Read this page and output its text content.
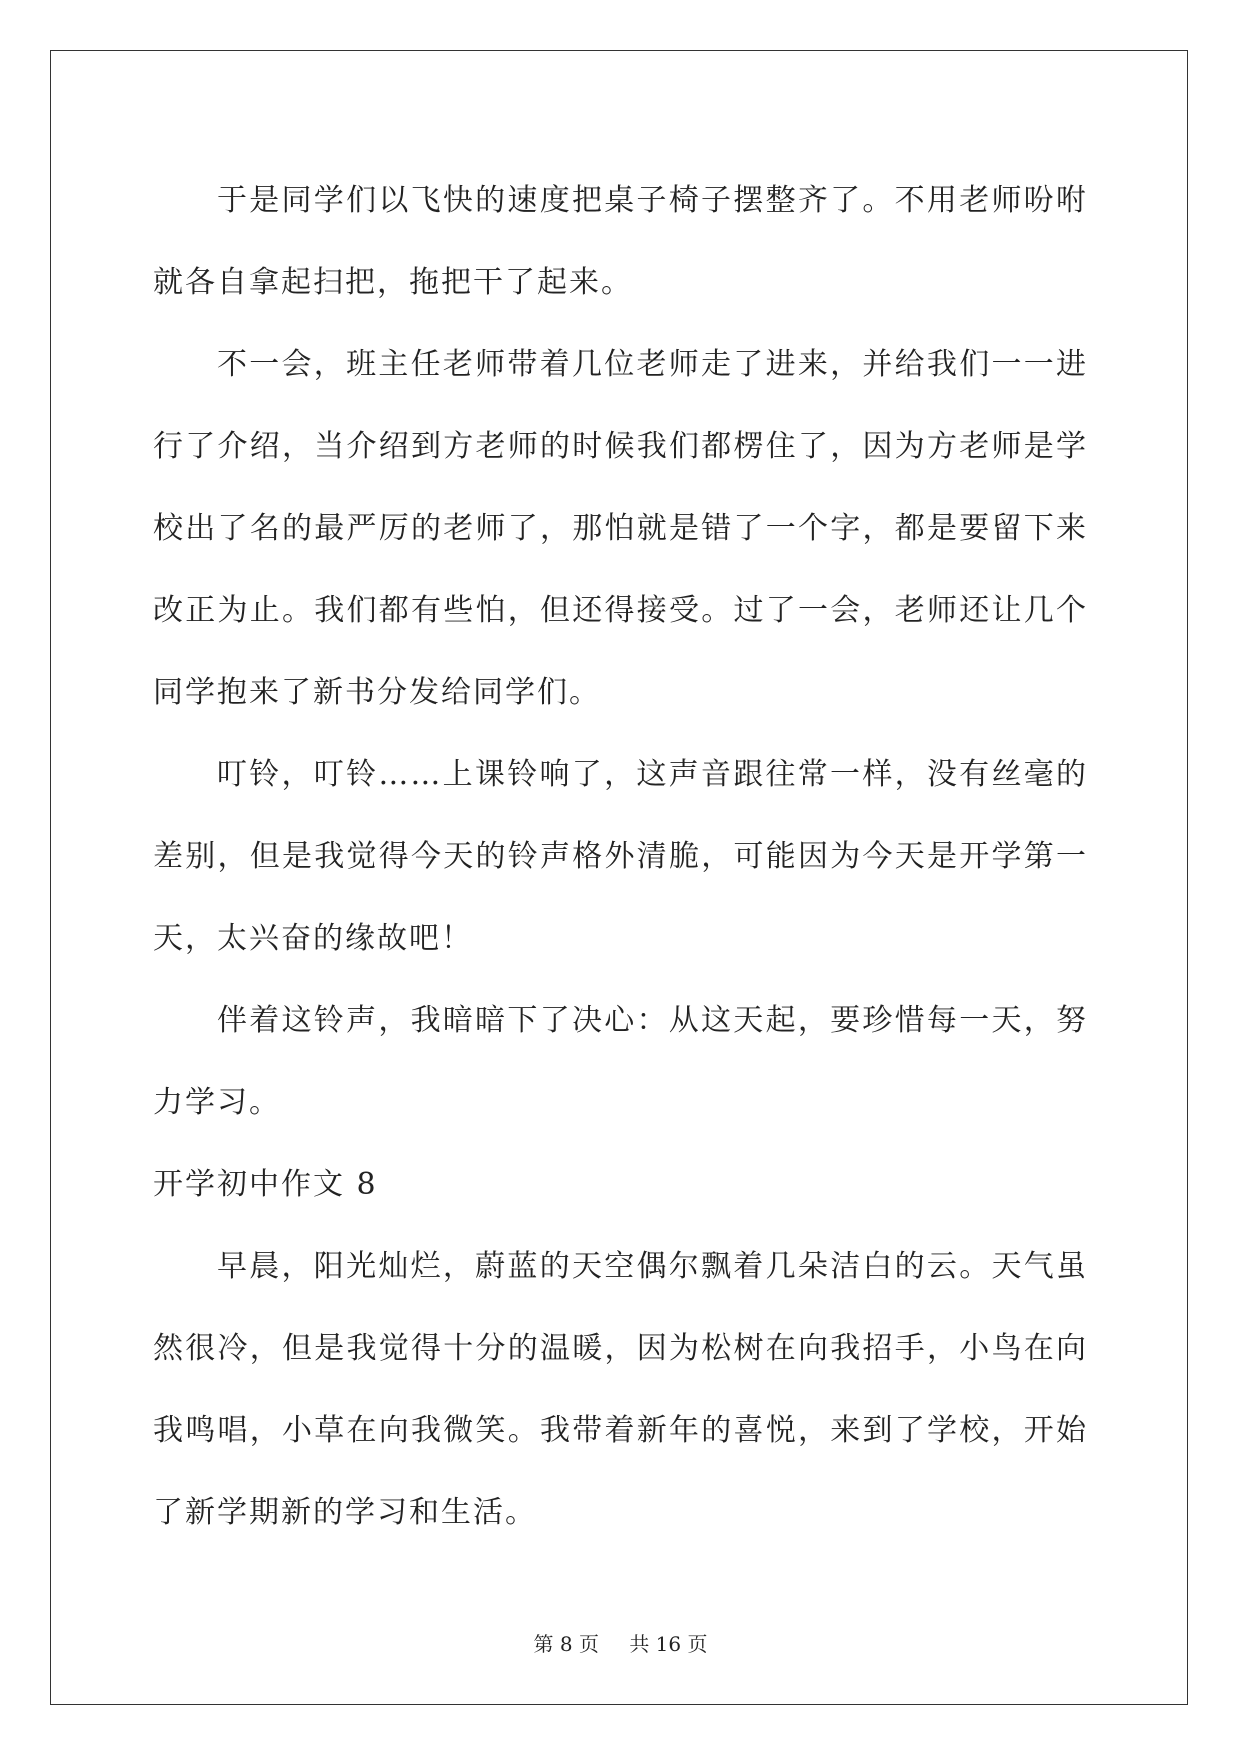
于是同学们以飞快的速度把桌子椅子摆整齐了。不用老师吩咐就各自拿起扫把，拖把干了起来。

不一会，班主任老师带着几位老师走了进来，并给我们一一进行了介绍，当介绍到方老师的时候我们都楞住了，因为方老师是学校出了名的最严厉的老师了，那怕就是错了一个字，都是要留下来改正为止。我们都有些怕，但还得接受。过了一会，老师还让几个同学抱来了新书分发给同学们。

叮铃，叮铃……上课铃响了，这声音跟往常一样，没有丝毫的差别，但是我觉得今天的铃声格外清脆，可能因为今天是开学第一天，太兴奋的缘故吧！

伴着这铃声，我暗暗下了决心：从这天起，要珍惜每一天，努力学习。

开学初中作文 8

早晨，阳光灿烂，蔚蓝的天空偶尔飘着几朵洁白的云。天气虽然很冷，但是我觉得十分的温暖，因为松树在向我招手，小鸟在向我鸣唱，小草在向我微笑。我带着新年的喜悦，来到了学校，开始了新学期新的学习和生活。

第 8 页 共 16 页
